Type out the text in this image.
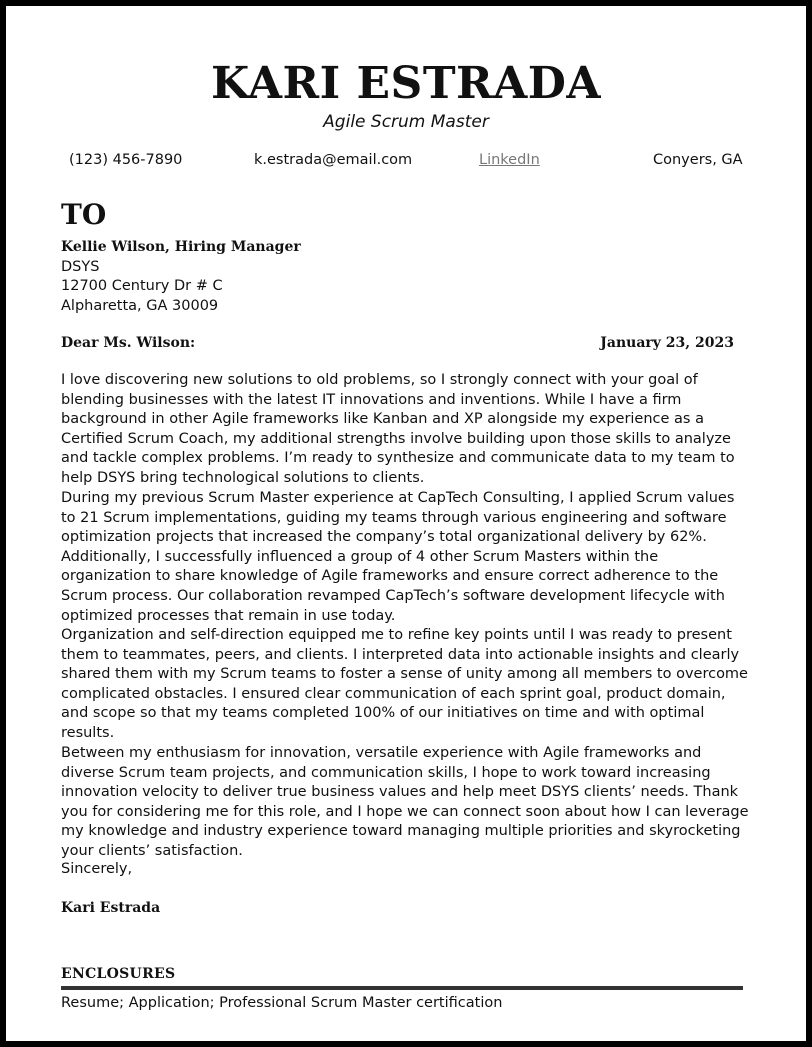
KARI ESTRADA
Agile Scrum Master
(123) 456-7890	k.estrada@email.com	LinkedIn	Conyers, GA
TO
Kellie Wilson, Hiring Manager
DSYS
12700 Century Dr # C
Alpharetta, GA 30009
Dear Ms. Wilson:	January 23, 2023
I love discovering new solutions to old problems, so I strongly connect with your goal of blending businesses with the latest IT innovations and inventions. While I have a firm background in other Agile frameworks like Kanban and XP alongside my experience as a Certified Scrum Coach, my additional strengths involve building upon those skills to analyze and tackle complex problems. I’m ready to synthesize and communicate data to my team to help DSYS bring technological solutions to clients.
During my previous Scrum Master experience at CapTech Consulting, I applied Scrum values to 21 Scrum implementations, guiding my teams through various engineering and software optimization projects that increased the company’s total organizational delivery by 62%. Additionally, I successfully influenced a group of 4 other Scrum Masters within the organization to share knowledge of Agile frameworks and ensure correct adherence to the Scrum process. Our collaboration revamped CapTech’s software development lifecycle with optimized processes that remain in use today.
Organization and self-direction equipped me to refine key points until I was ready to present them to teammates, peers, and clients. I interpreted data into actionable insights and clearly shared them with my Scrum teams to foster a sense of unity among all members to overcome complicated obstacles. I ensured clear communication of each sprint goal, product domain, and scope so that my teams completed 100% of our initiatives on time and with optimal results.
Between my enthusiasm for innovation, versatile experience with Agile frameworks and diverse Scrum team projects, and communication skills, I hope to work toward increasing innovation velocity to deliver true business values and help meet DSYS clients’ needs. Thank you for considering me for this role, and I hope we can connect soon about how I can leverage my knowledge and industry experience toward managing multiple priorities and skyrocketing your clients’ satisfaction.
Sincerely,
Kari Estrada
ENCLOSURES
Resume; Application; Professional Scrum Master certification
